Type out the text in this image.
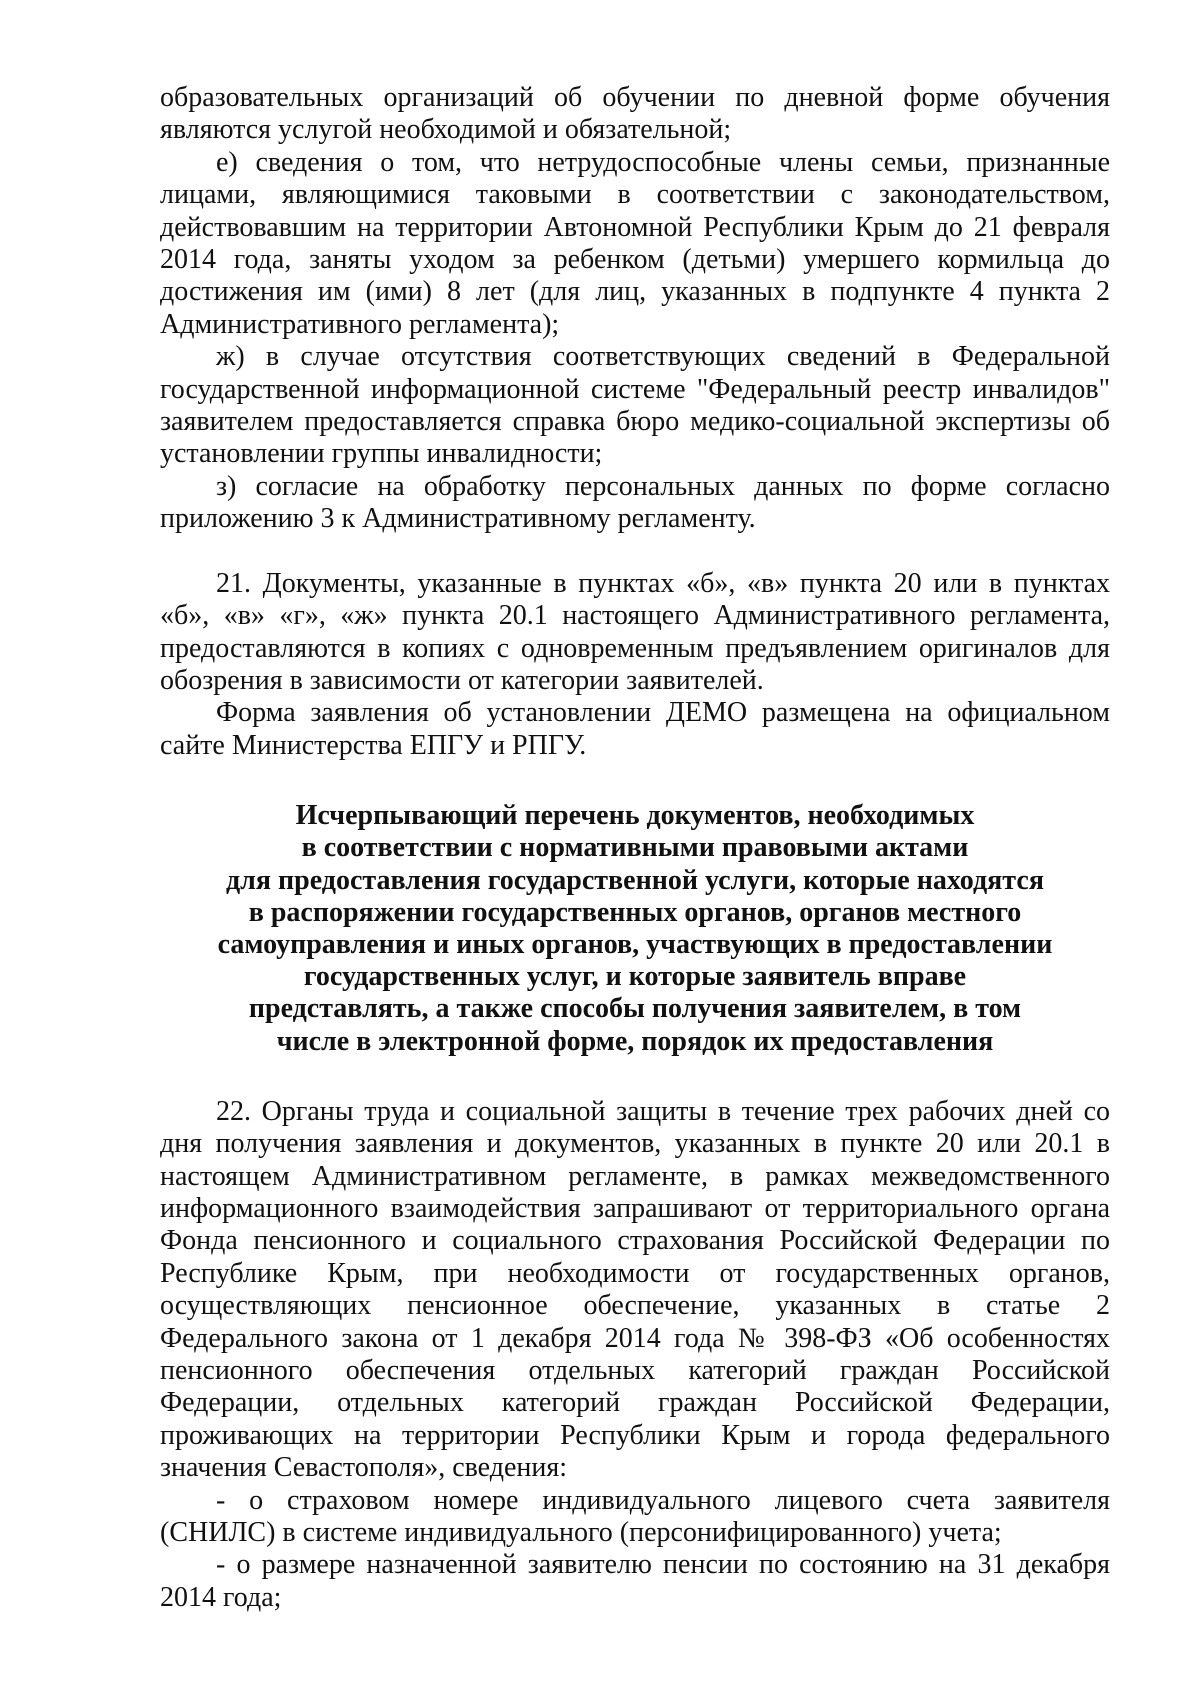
образовательных организаций об обучении по дневной форме обучения являются услугой необходимой и обязательной;

е) сведения о том, что нетрудоспособные члены семьи, признанные лицами, являющимися таковыми в соответствии с законодательством, действовавшим на территории Автономной Республики Крым до 21 февраля 2014 года, заняты уходом за ребенком (детьми) умершего кормильца до достижения им (ими) 8 лет (для лиц, указанных в подпункте 4 пункта 2 Административного регламента);

ж) в случае отсутствия соответствующих сведений в Федеральной государственной информационной системе "Федеральный реестр инвалидов" заявителем предоставляется справка бюро медико-социальной экспертизы об установлении группы инвалидности;

з) согласие на обработку персональных данных по форме согласно приложению 3 к Административному регламенту.

21. Документы, указанные в пунктах «б», «в» пункта 20 или в пунктах «б», «в» «г», «ж» пункта 20.1 настоящего Административного регламента, предоставляются в копиях с одновременным предъявлением оригиналов для обозрения в зависимости от категории заявителей.

Форма заявления об установлении ДЕМО размещена на официальном сайте Министерства ЕПГУ и РПГУ.

Исчерпывающий перечень документов, необходимых
в соответствии с нормативными правовыми актами
для предоставления государственной услуги, которые находятся
в распоряжении государственных органов, органов местного
самоуправления и иных органов, участвующих в предоставлении
государственных услуг, и которые заявитель вправе
представлять, а также способы получения заявителем, в том
числе в электронной форме, порядок их предоставления

22. Органы труда и социальной защиты в течение трех рабочих дней со дня получения заявления и документов, указанных в пункте 20 или 20.1 в настоящем Административном регламенте, в рамках межведомственного информационного взаимодействия запрашивают от территориального органа Фонда пенсионного и социального страхования Российской Федерации по Республике Крым, при необходимости от государственных органов, осуществляющих пенсионное обеспечение, указанных в статье 2 Федерального закона от 1 декабря 2014 года № 398-ФЗ «Об особенностях пенсионного обеспечения отдельных категорий граждан Российской Федерации, отдельных категорий граждан Российской Федерации, проживающих на территории Республики Крым и города федерального значения Севастополя», сведения:

- о страховом номере индивидуального лицевого счета заявителя (СНИЛС) в системе индивидуального (персонифицированного) учета;

- о размере назначенной заявителю пенсии по состоянию на 31 декабря 2014 года;
